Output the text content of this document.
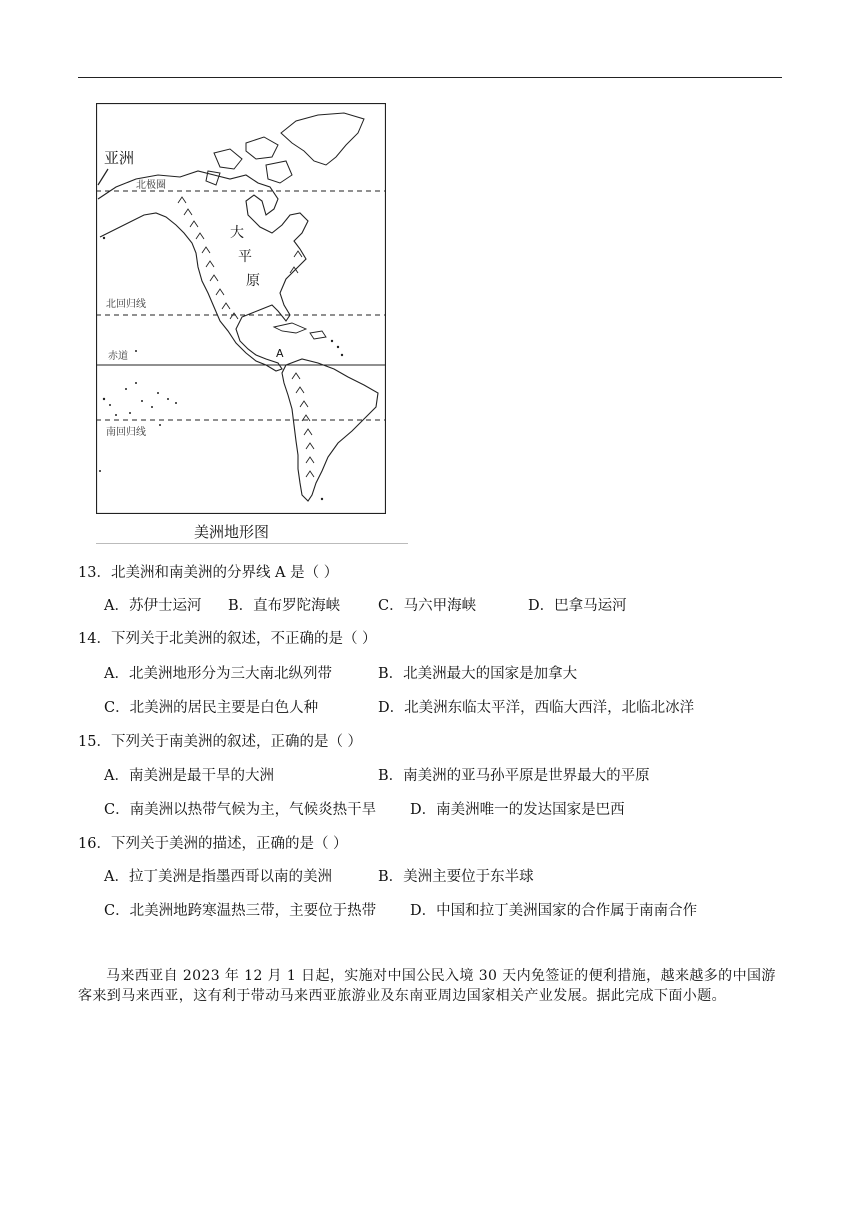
亚洲
北极圈
北回归线
赤道
南回归线
大
平
原
A
美洲地形图
13．北美洲和南美洲的分界线 A 是（ ）
A．苏伊士运河 B．直布罗陀海峡	C．马六甲海峡	D．巴拿马运河
14．下列关于北美洲的叙述，不正确的是（ ）
A．北美洲地形分为三大南北纵列带	B．北美洲最大的国家是加拿大
C．北美洲的居民主要是白色人种	D．北美洲东临太平洋，西临大西洋，北临北冰洋
15．下列关于南美洲的叙述，正确的是（ ）
A．南美洲是最干旱的大洲	B．南美洲的亚马孙平原是世界最大的平原
C．南美洲以热带气候为主，气候炎热干旱 D．南美洲唯一的发达国家是巴西
16．下列关于美洲的描述，正确的是（ ）
A．拉丁美洲是指墨西哥以南的美洲	B．美洲主要位于东半球
C．北美洲地跨寒温热三带，主要位于热带 D．中国和拉丁美洲国家的合作属于南南合作
马来西亚自 2023 年 12 月 1 日起，实施对中国公民入境 30 天内免签证的便利措施，越来越多的中国游客来到马来西亚，这有利于带动马来西亚旅游业及东南亚周边国家相关产业发展。据此完成下面小题。
